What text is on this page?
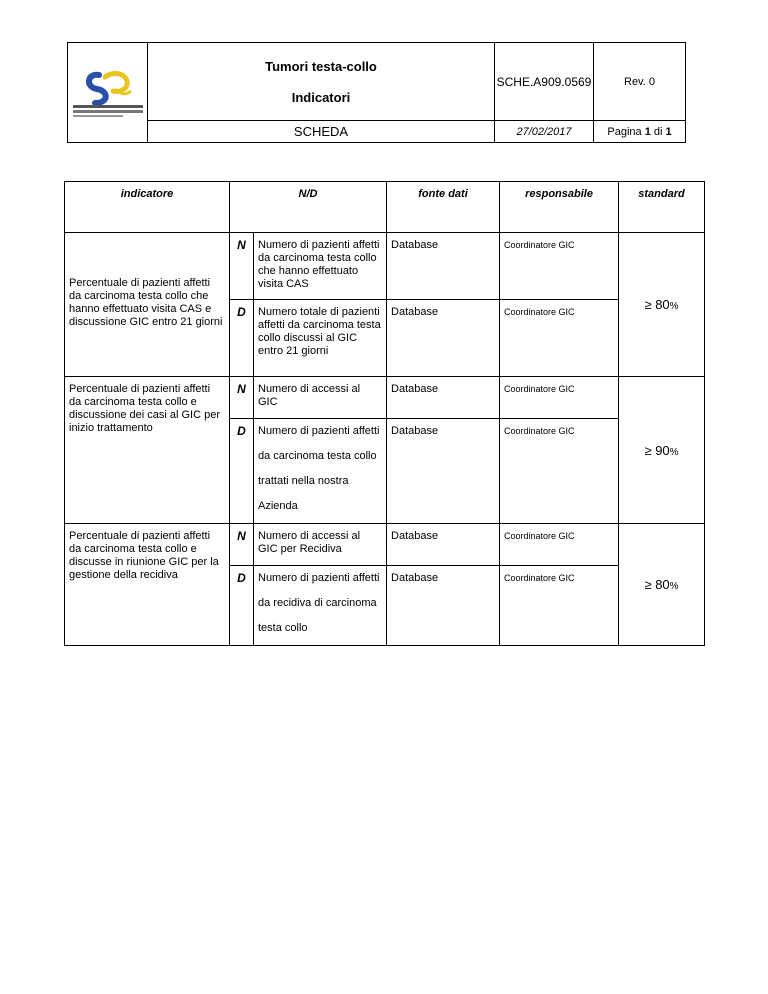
Tumori testa-collo
Indicatori	SCHE.A909.0569	Rev. 0
	SCHEDA	27/02/2017	Pagina 1 di 1
indicatore	N/D		fonte dati	responsabile	standard

Percentuale di pazienti affetti da carcinoma testa collo che hanno effettuato visita CAS e discussione GIC entro 21 giorni	N	Numero di pazienti affetti da carcinoma testa collo che hanno effettuato visita CAS	Database	Coordinatore GIC	≥ 80%
	D	Numero totale di pazienti affetti da carcinoma testa collo discussi al GIC entro 21 giorni	Database	Coordinatore GIC	

Percentuale di pazienti affetti da carcinoma testa collo e discussione dei casi al GIC per inizio trattamento	N	Numero di accessi al GIC	Database	Coordinatore GIC	≥ 90%
	D	Numero di pazienti affetti da carcinoma testa collo trattati nella nostra Azienda	Database	Coordinatore GIC	

Percentuale di pazienti affetti da carcinoma testa collo e discusse in riunione GIC per la gestione della recidiva	N	Numero di accessi al GIC per Recidiva	Database	Coordinatore GIC	≥ 80%
	D	Numero di pazienti affetti da recidiva di carcinoma testa collo	Database	Coordinatore GIC	
